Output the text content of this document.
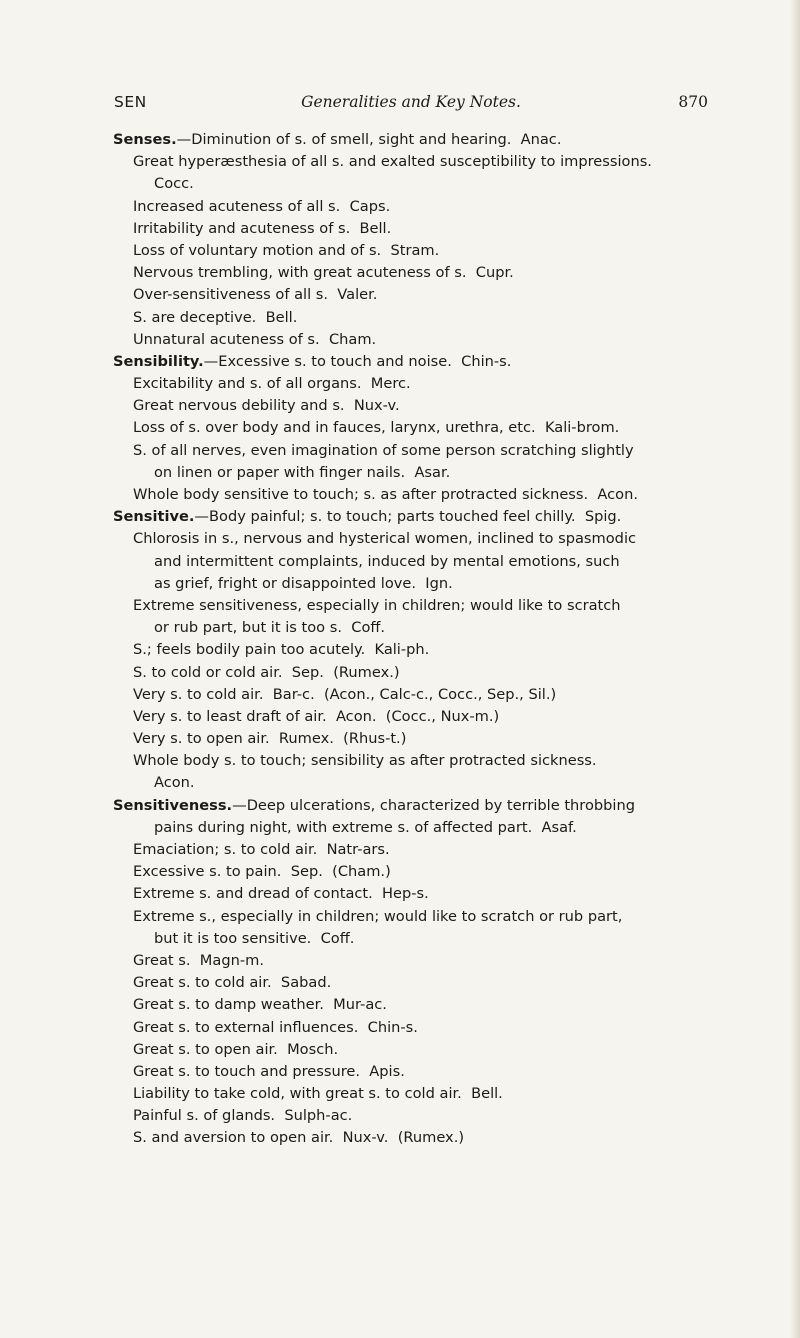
SEN	Generalities and Key Notes.	870
Senses.—Diminution of s. of smell, sight and hearing.  Anac.
Great hyperæsthesia of all s. and exalted susceptibility to impressions.
Cocc.
Increased acuteness of all s.  Caps.
Irritability and acuteness of s.  Bell.
Loss of voluntary motion and of s.  Stram.
Nervous trembling, with great acuteness of s.  Cupr.
Over-sensitiveness of all s.  Valer.
S. are deceptive.  Bell.
Unnatural acuteness of s.  Cham.
Sensibility.—Excessive s. to touch and noise.  Chin-s.
Excitability and s. of all organs.  Merc.
Great nervous debility and s.  Nux-v.
Loss of s. over body and in fauces, larynx, urethra, etc.  Kali-brom.
S. of all nerves, even imagination of some person scratching slightly
on linen or paper with finger nails.  Asar.
Whole body sensitive to touch; s. as after protracted sickness.  Acon.
Sensitive.—Body painful; s. to touch; parts touched feel chilly.  Spig.
Chlorosis in s., nervous and hysterical women, inclined to spasmodic
and intermittent complaints, induced by mental emotions, such
as grief, fright or disappointed love.  Ign.
Extreme sensitiveness, especially in children; would like to scratch
or rub part, but it is too s.  Coff.
S.; feels bodily pain too acutely.  Kali-ph.
S. to cold or cold air.  Sep.  (Rumex.)
Very s. to cold air.  Bar-c.  (Acon., Calc-c., Cocc., Sep., Sil.)
Very s. to least draft of air.  Acon.  (Cocc., Nux-m.)
Very s. to open air.  Rumex.  (Rhus-t.)
Whole body s. to touch; sensibility as after protracted sickness.
Acon.
Sensitiveness.—Deep ulcerations, characterized by terrible throbbing
pains during night, with extreme s. of affected part.  Asaf.
Emaciation; s. to cold air.  Natr-ars.
Excessive s. to pain.  Sep.  (Cham.)
Extreme s. and dread of contact.  Hep-s.
Extreme s., especially in children; would like to scratch or rub part,
but it is too sensitive.  Coff.
Great s.  Magn-m.
Great s. to cold air.  Sabad.
Great s. to damp weather.  Mur-ac.
Great s. to external influences.  Chin-s.
Great s. to open air.  Mosch.
Great s. to touch and pressure.  Apis.
Liability to take cold, with great s. to cold air.  Bell.
Painful s. of glands.  Sulph-ac.
S. and aversion to open air.  Nux-v.  (Rumex.)
